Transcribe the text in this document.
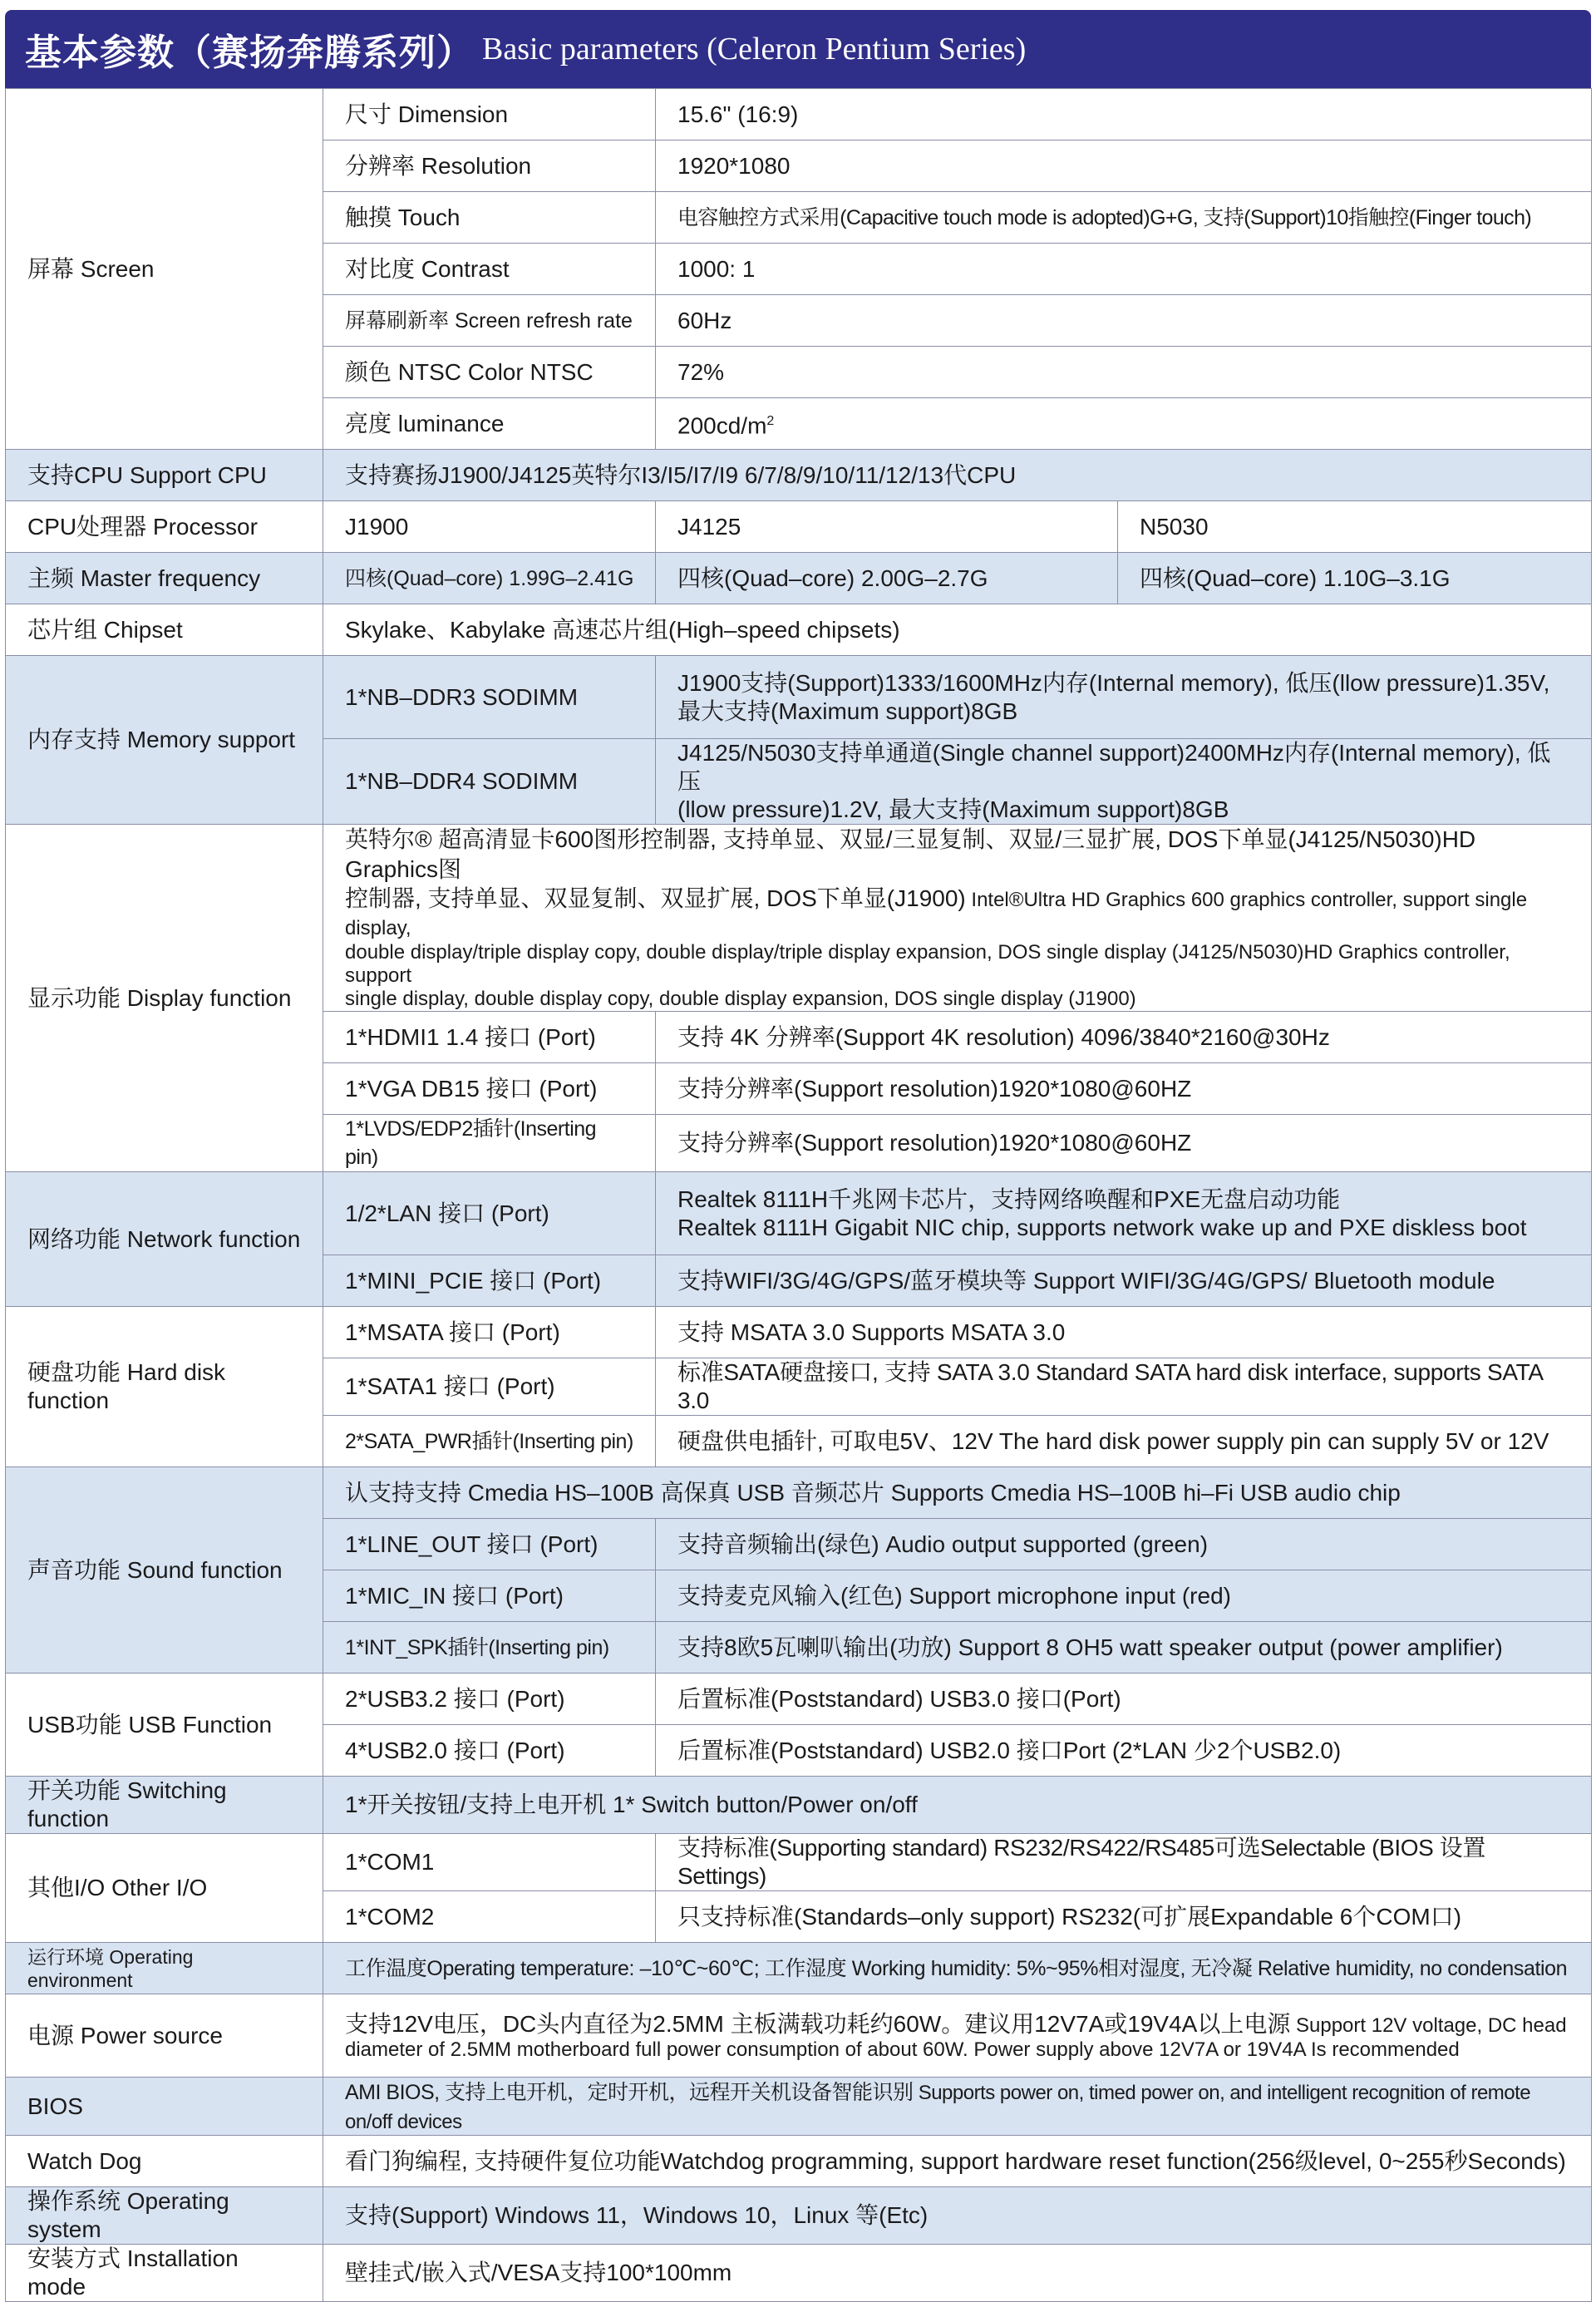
基本参数（赛扬奔腾系列） Basic parameters (Celeron Pentium Series)
屏幕 Screen	尺寸 Dimension	15.6" (16:9)	
	分辨率 Resolution	1920*1080	
	触摸 Touch	电容触控方式采用(Capacitive touch mode is adopted)G+G, 支持(Support)10指触控(Finger touch)	
	对比度 Contrast	1000: 1	
	屏幕刷新率 Screen refresh rate	60Hz	
	颜色 NTSC Color NTSC	72%	
	亮度 luminance	$200cd/m^2$
支持CPU Support CPU	支持赛扬J1900/J4125英特尔I3/I5/I7/I9 6/7/8/9/10/11/12/13代CPU		
CPU处理器 Processor	J1900	J4125	N5030
主频 Master frequency	四核(Quad–core) 1.99G–2.41G	四核(Quad–core) 2.00G–2.7G	四核(Quad–core) 1.10G–3.1G
芯片组 Chipset	Skylake、Kabylake 高速芯片组(High–speed chipsets)		
内存支持 Memory support	1*NB–DDR3 SODIMM	J1900支持(Support)1333/1600MHz内存(Internal memory), 低压(llow pressure)1.35V,
最大支持(Maximum support)8GB	

	1*NB–DDR4 SODIMM	J4125/N5030支持单通道(Single channel support)2400MHz内存(Internal memory), 低压
(llow pressure)1.2V, 最大支持(Maximum support)8GB	

显示功能 Display function	英特尔® 超高清显卡600图形控制器, 支持单显、双显/三显复制、双显/三显扩展, DOS下单显(J4125/N5030)HD Graphics图
控制器, 支持单显、双显复制、双显扩展, DOS下单显(J1900) Intel®Ultra HD Graphics 600 graphics controller, support single display,
double display/triple display copy, double display/triple display expansion, DOS single display (J4125/N5030)HD Graphics controller, support
single display, double display copy, double display expansion, DOS single display (J1900)		

	1*HDMI1 1.4 接口 (Port)	支持 4K 分辨率(Support 4K resolution) 4096/3840*2160@30Hz	
	1*VGA DB15 接口 (Port)	支持分辨率(Support resolution)1920*1080@60HZ	
	1*LVDS/EDP2插针(Inserting pin)	支持分辨率(Support resolution)1920*1080@60HZ	
网络功能 Network function	1/2*LAN 接口 (Port)	Realtek 8111H千兆网卡芯片，支持网络唤醒和PXE无盘启动功能
Realtek 8111H Gigabit NIC chip, supports network wake up and PXE diskless boot	

	1*MINI_PCIE 接口 (Port)	支持WIFI/3G/4G/GPS/蓝牙模块等 Support WIFI/3G/4G/GPS/ Bluetooth module	
硬盘功能 Hard disk function	1*MSATA 接口 (Port)	支持 MSATA 3.0 Supports MSATA 3.0	
	1*SATA1 接口 (Port)	标准SATA硬盘接口, 支持 SATA 3.0 Standard SATA hard disk interface, supports SATA 3.0	
	2*SATA_PWR插针(Inserting pin)	硬盘供电插针, 可取电5V、12V The hard disk power supply pin can supply 5V or 12V	
声音功能 Sound function	认支持支持 Cmedia HS–100B 高保真 USB 音频芯片 Supports Cmedia HS–100B hi–Fi USB audio chip		
	1*LINE_OUT 接口 (Port)	支持音频输出(绿色) Audio output supported (green)	
	1*MIC_IN 接口 (Port)	支持麦克风输入(红色) Support microphone input (red)	
	1*INT_SPK插针(Inserting pin)	支持8欧5瓦喇叭输出(功放) Support 8 OH5 watt speaker output (power amplifier)	
USB功能 USB Function	2*USB3.2 接口 (Port)	后置标准(Poststandard) USB3.0 接口(Port)	
	4*USB2.0 接口 (Port)	后置标准(Poststandard) USB2.0 接口Port (2*LAN 少2个USB2.0)	
开关功能 Switching function	1*开关按钮/支持上电开机 1* Switch button/Power on/off		
其他I/O Other I/O	1*COM1	支持标准(Supporting standard) RS232/RS422/RS485可选Selectable (BIOS 设置Settings)	
	1*COM2	只支持标准(Standards–only support) RS232(可扩展Expandable 6个COM口)	
运行环境 Operating environment	工作温度Operating temperature: –10℃~60℃; 工作湿度 Working humidity: 5%~95%相对湿度, 无冷凝 Relative humidity, no condensation		
电源 Power source	支持12V电压，DC头内直径为2.5MM 主板满载功耗约60W。建议用12V7A或19V4A以上电源 Support 12V voltage, DC head
diameter of 2.5MM motherboard full power consumption of about 60W. Power supply above 12V7A or 19V4A Is recommended		

BIOS	AMI BIOS, 支持上电开机，定时开机，远程开关机设备智能识别 Supports power on, timed power on, and intelligent recognition of remote on/off devices		
Watch Dog	看门狗编程, 支持硬件复位功能Watchdog programming, support hardware reset function(256级level, 0~255秒Seconds)		
操作系统 Operating system	支持(Support) Windows 11，Windows 10，Linux 等(Etc)		
安装方式 Installation mode	壁挂式/嵌入式/VESA支持100*100mm		
